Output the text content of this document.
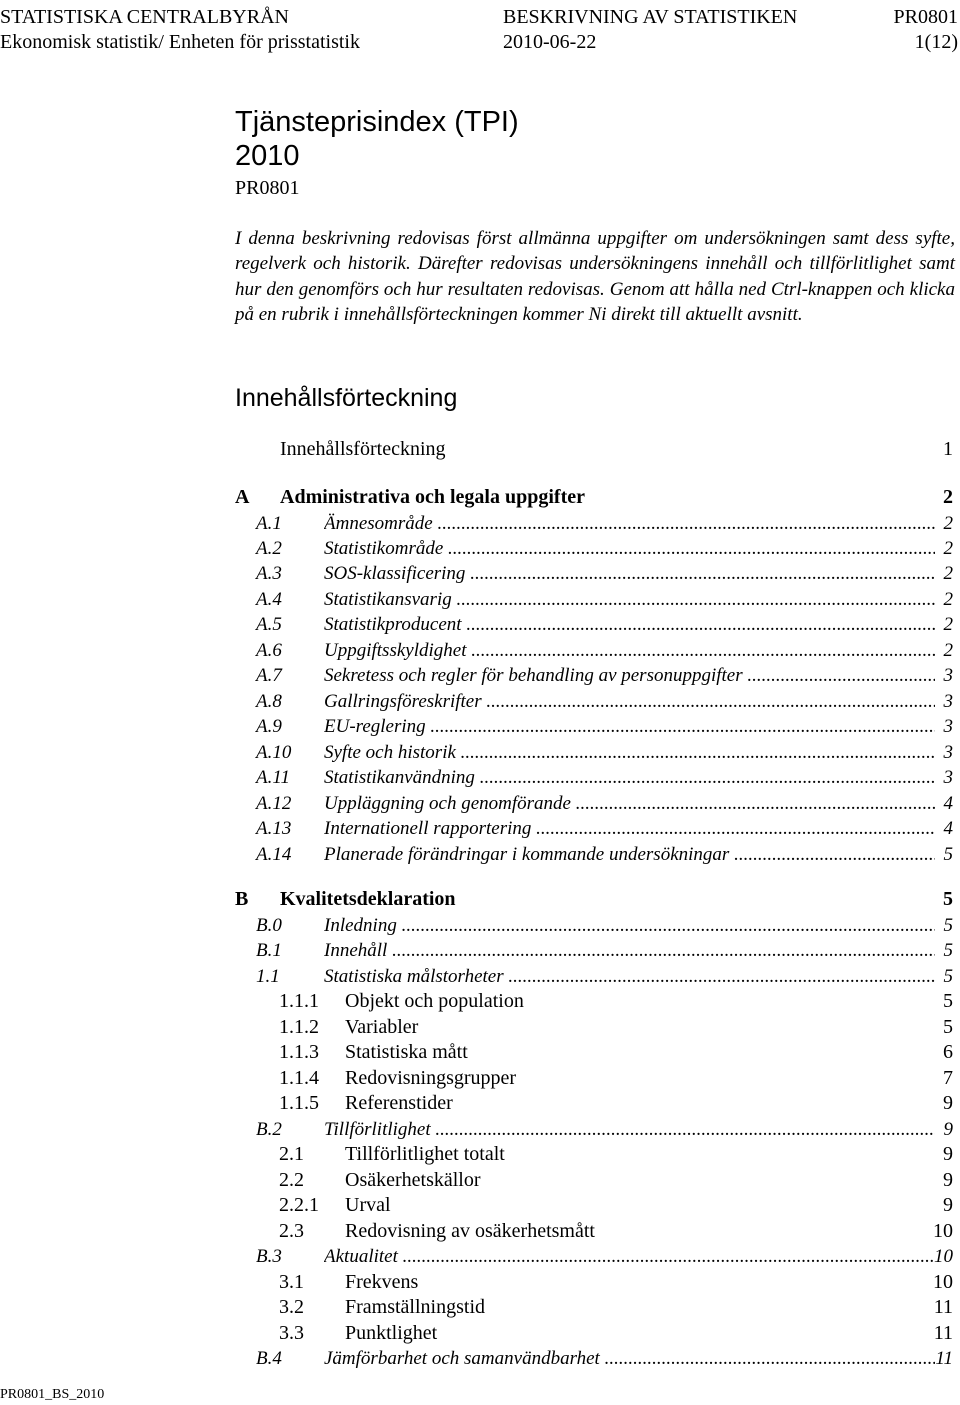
STATISTISKA CENTRALBYRÅN	BESKRIVNING AV STATISTIKEN	PR0801
Ekonomisk statistik/ Enheten för prisstatistik	2010-06-22	1(12)
Tjänsteprisindex (TPI)
2010
PR0801
I denna beskrivning redovisas först allmänna uppgifter om undersökningen samt dess syfte, regelverk och historik. Därefter redovisas undersökningens innehåll och tillförlitlighet samt hur den genomförs och hur resultaten redovisas. Genom att hålla ned Ctrl-knappen och klicka på en rubrik i innehållsförteckningen kommer Ni direkt till aktuellt avsnitt.
Innehållsförteckning
Innehållsförteckning	1
A Administrativa och legala uppgifter	2
A.1 Ämnesområde .....	2
A.2 Statistikområde .....	2
A.3 SOS-klassificering .....	2
A.4 Statistikansvarig .....	2
A.5 Statistikproducent .....	2
A.6 Uppgiftsskyldighet .....	2
A.7 Sekretess och regler för behandling av personuppgifter .....	3
A.8 Gallringsföreskrifter .....	3
A.9 EU-reglering .....	3
A.10 Syfte och historik .....	3
A.11 Statistikanvändning .....	3
A.12 Uppläggning och genomförande .....	4
A.13 Internationell rapportering .....	4
A.14 Planerade förändringar i kommande undersökningar .....	5
B Kvalitetsdeklaration	5
B.0 Inledning .....	5
B.1 Innehåll .....	5
1.1 Statistiska målstorheter .....	5
1.1.1 Objekt och population	5
1.1.2 Variabler	5
1.1.3 Statistiska mått	6
1.1.4 Redovisningsgrupper	7
1.1.5 Referenstider	9
B.2 Tillförlitlighet .....	9
2.1 Tillförlitlighet totalt	9
2.2 Osäkerhetskällor	9
2.2.1 Urval	9
2.3 Redovisning av osäkerhetsmått	10
B.3 Aktualitet .....	10
3.1 Frekvens	10
3.2 Framställningstid	11
3.3 Punktlighet	11
B.4 Jämförbarhet och samanvändbarhet .....	11
PR0801_BS_2010
